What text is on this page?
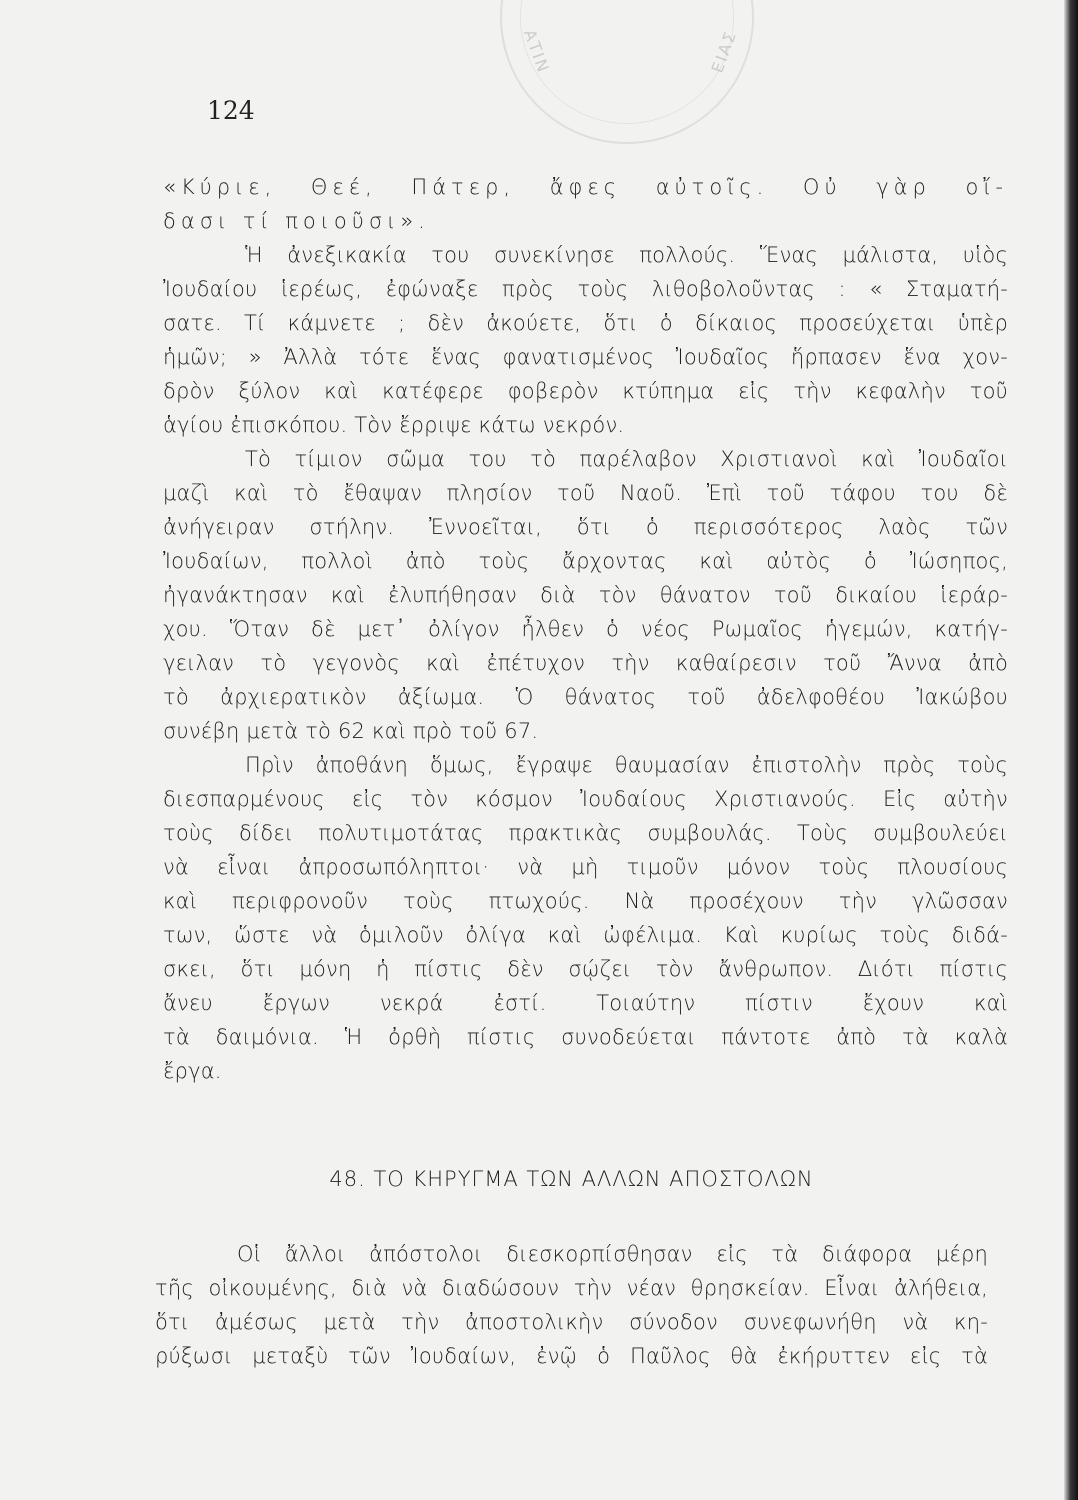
ΕΙΑΣ
ΑΤΙΝ
124
«Κύριε, Θεέ, Πάτερ, ἄφες αὐτοῖς. Οὐ γὰρ οἴ-
δασι τί ποιοῦσι».
Ἡ ἀνεξικακία του συνεκίνησε πολλούς. Ἕνας μάλιστα, υἱὸς
Ἰουδαίου ἱερέως, ἐφώναξε πρὸς τοὺς λιθοβολοῦντας : « Σταματή-
σατε. Τί κάμνετε ; δὲν ἀκούετε, ὅτι ὁ δίκαιος προσεύχεται ὑπὲρ
ἡμῶν; » Ἀλλὰ τότε ἕνας φανατισμένος Ἰουδαῖος ἥρπασεν ἕνα χον-
δρὸν ξύλον καὶ κατέφερε φοβερὸν κτύπημα εἰς τὴν κεφαλὴν τοῦ
ἁγίου ἐπισκόπου. Τὸν ἔρριψε κάτω νεκρόν.
Τὸ τίμιον σῶμα του τὸ παρέλαβον Χριστιανοὶ καὶ Ἰουδαῖοι
μαζὶ καὶ τὸ ἔθαψαν πλησίον τοῦ Ναοῦ. Ἐπὶ τοῦ τάφου του δὲ
ἀνήγειραν στήλην. Ἐννοεῖται, ὅτι ὁ περισσότερος λαὸς τῶν
Ἰουδαίων, πολλοὶ ἀπὸ τοὺς ἄρχοντας καὶ αὐτὸς ὁ Ἰώσηπος,
ἠγανάκτησαν καὶ ἐλυπήθησαν διὰ τὸν θάνατον τοῦ δικαίου ἱεράρ-
χου. Ὅταν δὲ μετ᾽ ὀλίγον ἦλθεν ὁ νέος Ρωμαῖος ἡγεμών, κατήγ-
γειλαν τὸ γεγονὸς καὶ ἐπέτυχον τὴν καθαίρεσιν τοῦ Ἄννα ἀπὸ
τὸ ἀρχιερατικὸν ἀξίωμα. Ὁ θάνατος τοῦ ἀδελφοθέου Ἰακώβου
συνέβη μετὰ τὸ 62 καὶ πρὸ τοῦ 67.
Πρὶν ἀποθάνη ὅμως, ἔγραψε θαυμασίαν ἐπιστολὴν πρὸς τοὺς
διεσπαρμένους εἰς τὸν κόσμον Ἰουδαίους Χριστιανούς. Εἰς αὐτὴν
τοὺς δίδει πολυτιμοτάτας πρακτικὰς συμβουλάς. Τοὺς συμβουλεύει
νὰ εἶναι ἀπροσωπόληπτοι· νὰ μὴ τιμοῦν μόνον τοὺς πλουσίους
καὶ περιφρονοῦν τοὺς πτωχούς. Νὰ προσέχουν τὴν γλῶσσαν
των, ὥστε νὰ ὁμιλοῦν ὀλίγα καὶ ὠφέλιμα. Καὶ κυρίως τοὺς διδά-
σκει, ὅτι μόνη ἡ πίστις δὲν σῴζει τὸν ἄνθρωπον. Διότι πίστις
ἄνευ ἔργων νεκρά ἐστί. Τοιαύτην πίστιν ἔχουν καὶ
τὰ δαιμόνια. Ἡ ὀρθὴ πίστις συνοδεύεται πάντοτε ἀπὸ τὰ καλὰ
ἔργα.
48. ΤΟ ΚΗΡΥΓΜΑ ΤΩΝ ΑΛΛΩΝ ΑΠΟΣΤΟΛΩΝ
Οἱ ἄλλοι ἀπόστολοι διεσκορπίσθησαν εἰς τὰ διάφορα μέρη
τῆς οἰκουμένης, διὰ νὰ διαδώσουν τὴν νέαν θρησκείαν. Εἶναι ἀλήθεια,
ὅτι ἀμέσως μετὰ τὴν ἀποστολικὴν σύνοδον συνεφωνήθη νὰ κη-
ρύξωσι μεταξὺ τῶν Ἰουδαίων, ἐνῷ ὁ Παῦλος θὰ ἐκήρυττεν εἰς τὰ
